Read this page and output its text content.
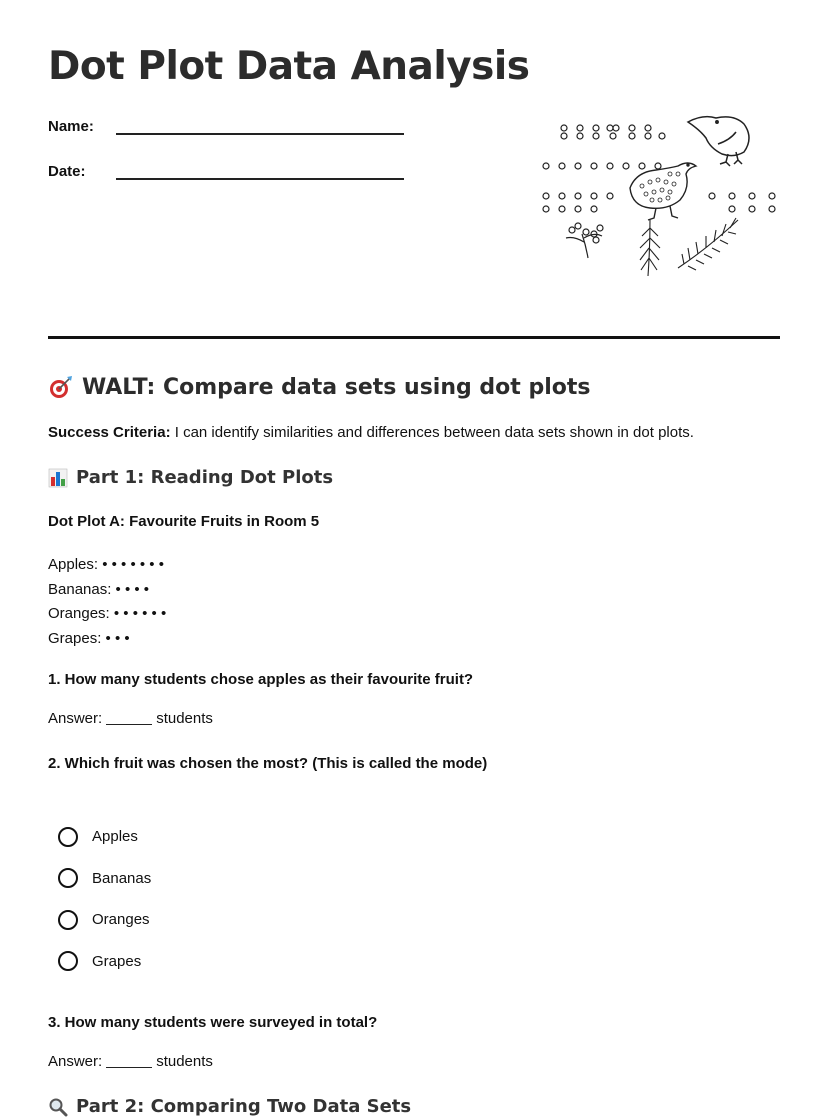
Dot Plot Data Analysis
Name:
Date:
WALT: Compare data sets using dot plots
Success Criteria: I can identify similarities and differences between data sets shown in dot plots.
Part 1: Reading Dot Plots
Dot Plot A: Favourite Fruits in Room 5
Apples: • • • • • • •
Bananas: • • • •
Oranges: • • • • • •
Grapes: • • •
1. How many students chose apples as their favourite fruit?
Answer:	students
2. Which fruit was chosen the most? (This is called the mode)
Apples
Bananas
Oranges
Grapes
3. How many students were surveyed in total?
Answer:	students
Part 2: Comparing Two Data Sets
